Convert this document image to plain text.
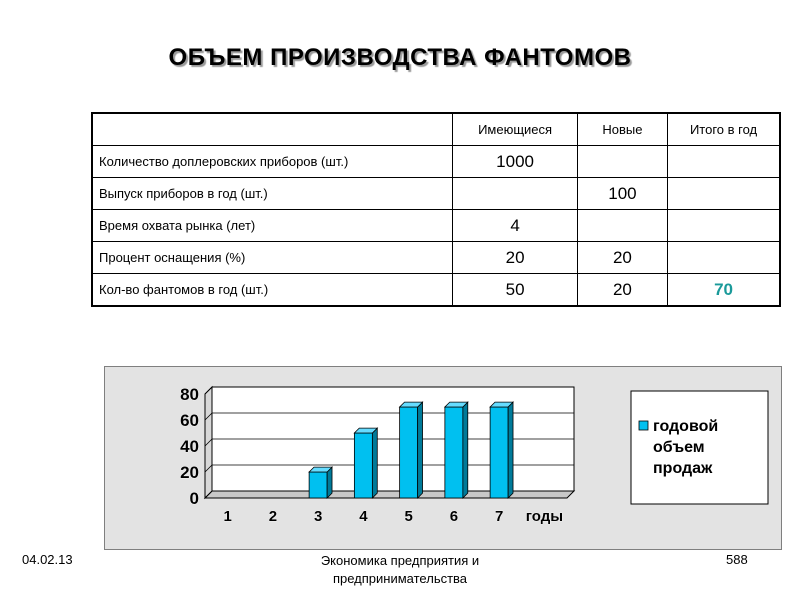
ОБЪЕМ ПРОИЗВОДСТВА ФАНТОМОВ
	Имеющиеся	Новые	Итого в год
Количество доплеровских приборов (шт.)	1000		
Выпуск приборов в год (шт.)		100	
Время охвата рынка (лет)	4		
Процент оснащения (%)	20	20	
Кол-во фантомов в год (шт.)	50	20	70
0
20
40
60
80
1 2 3 4 5 6 7 годы
годовой
объем
продаж
04.02.13	Экономика предприятия и предпринимательства
588
